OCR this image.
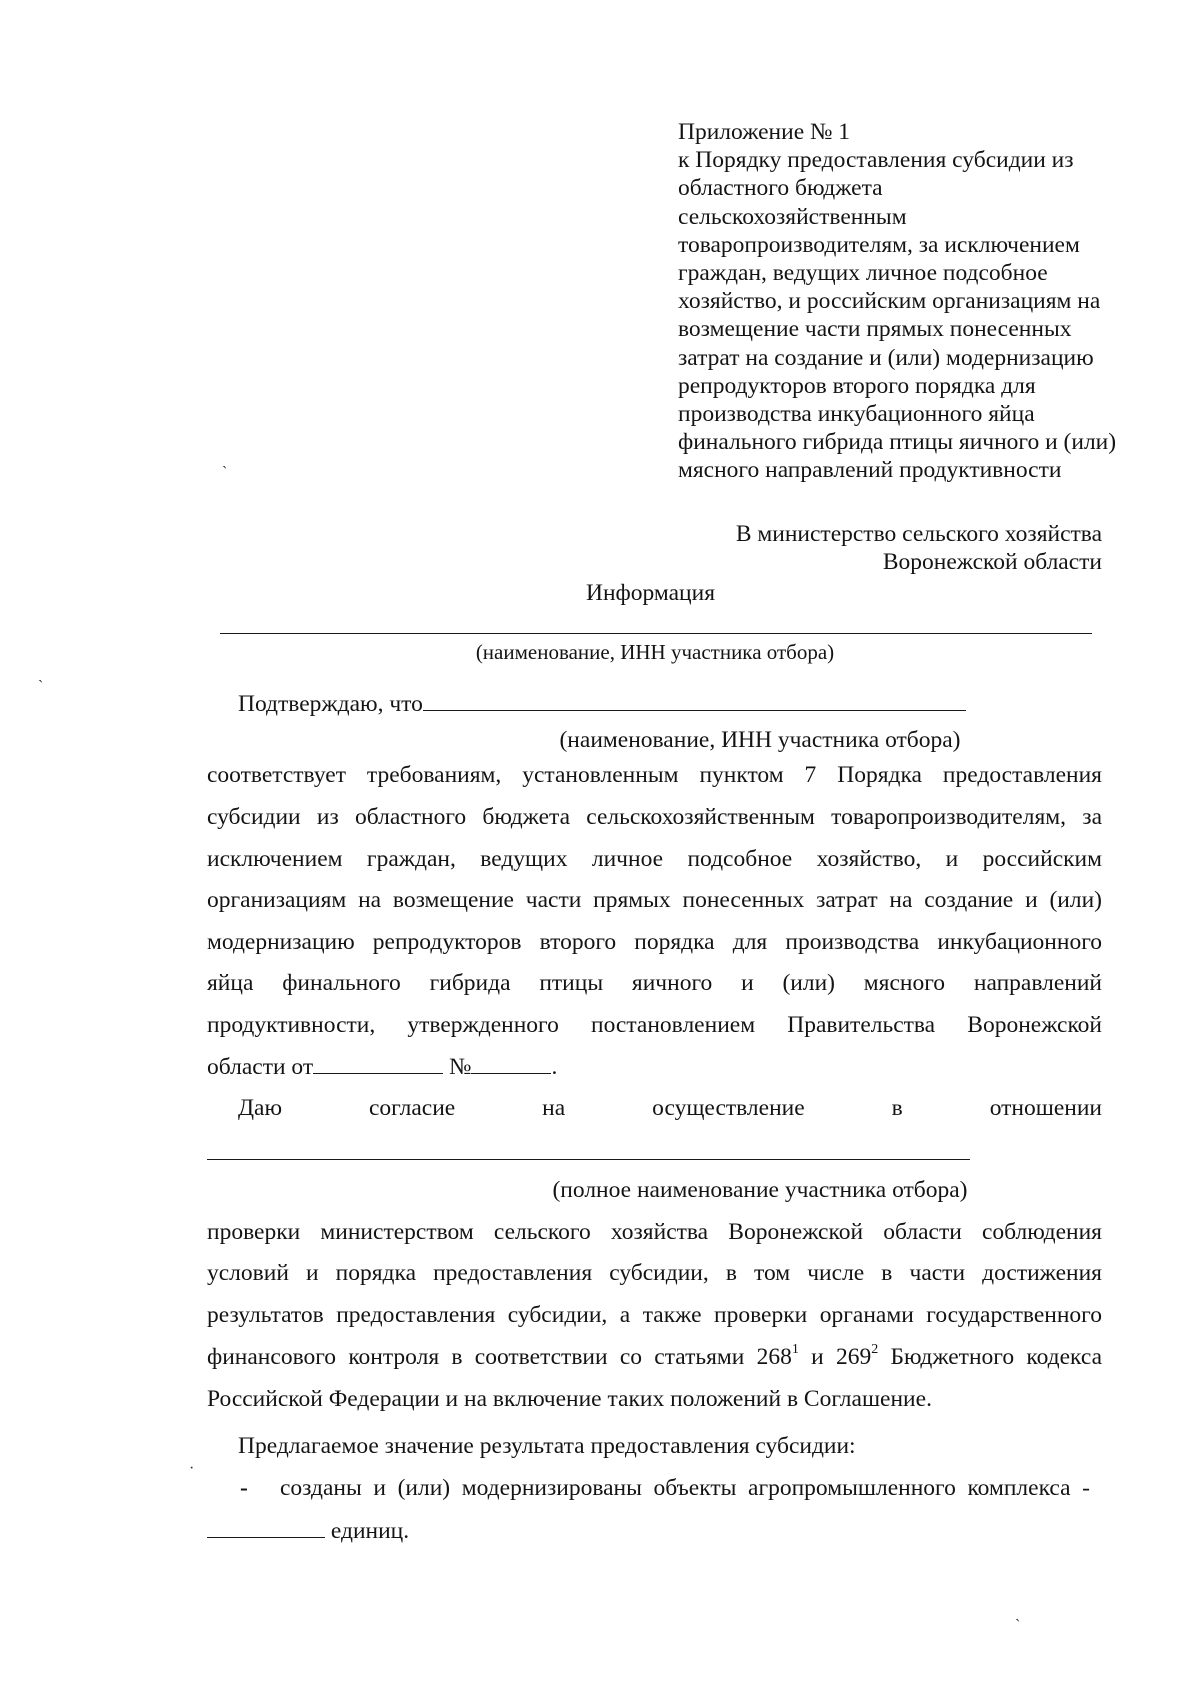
ˏ
ˏ
ˏ
·
Приложение № 1
к Порядку предоставления субсидии из
областного бюджета
сельскохозяйственным
товаропроизводителям, за исключением
граждан, ведущих личное подсобное
хозяйство, и российским организациям на
возмещение части прямых понесенных
затрат на создание и (или) модернизацию
репродукторов второго порядка для
производства инкубационного яйца
финального гибрида птицы яичного и (или)
мясного направлений продуктивности
В министерство сельского хозяйства
Воронежской области
Информация
(наименование, ИНН участника отбора)
Подтверждаю, что
(наименование, ИНН участника отбора)
соответствует требованиям, установленным пунктом 7 Порядка предоставления
субсидии из областного бюджета сельскохозяйственным товаропроизводителям, за
исключением граждан, ведущих личное подсобное хозяйство, и российским
организациям на возмещение части прямых понесенных затрат на создание и (или)
модернизацию репродукторов второго порядка для производства инкубационного
яйца финального гибрида птицы яичного и (или) мясного направлений
продуктивности, утвержденного постановлением Правительства Воронежской
области от	№	.
Даю согласие на осуществление в отношении
(полное наименование участника отбора)
проверки министерством сельского хозяйства Воронежской области соблюдения
условий и порядка предоставления субсидии, в том числе в части достижения
результатов предоставления субсидии, а также проверки органами государственного
финансового контроля в соответствии со статьями $268^1$ и $269^2$ Бюджетного кодекса
Российской Федерации и на включение таких положений в Соглашение.
Предлагаемое значение результата предоставления субсидии:
- созданы и (или) модернизированы объекты агропромышленного комплекса -
единиц.
